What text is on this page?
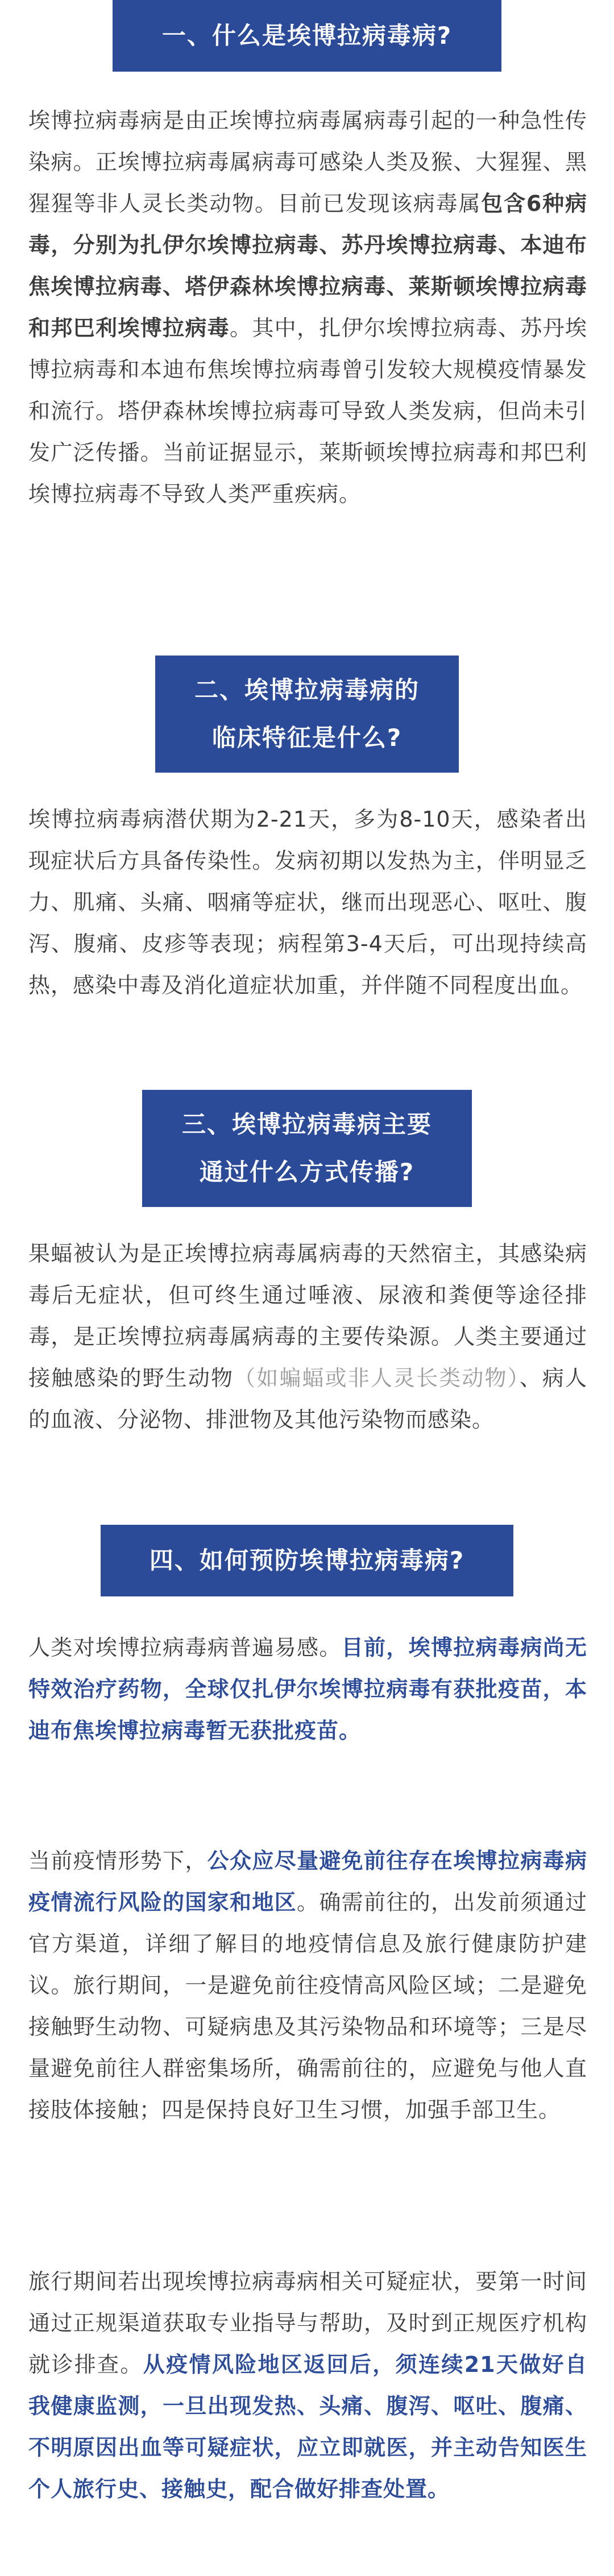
一、什么是埃博拉病毒病?

埃博拉病毒病是由正埃博拉病毒属病毒引起的一种急性传染病。正埃博拉病毒属病毒可感染人类及猴、大猩猩、黑猩猩等非人灵长类动物。目前已发现该病毒属包含6种病毒，分别为扎伊尔埃博拉病毒、苏丹埃博拉病毒、本迪布焦埃博拉病毒、塔伊森林埃博拉病毒、莱斯顿埃博拉病毒和邦巴利埃博拉病毒。其中，扎伊尔埃博拉病毒、苏丹埃博拉病毒和本迪布焦埃博拉病毒曾引发较大规模疫情暴发和流行。塔伊森林埃博拉病毒可导致人类发病，但尚未引发广泛传播。当前证据显示，莱斯顿埃博拉病毒和邦巴利埃博拉病毒不导致人类严重疾病。

二、埃博拉病毒病的
临床特征是什么?

埃博拉病毒病潜伏期为2-21天，多为8-10天，感染者出现症状后方具备传染性。发病初期以发热为主，伴明显乏力、肌痛、头痛、咽痛等症状，继而出现恶心、呕吐、腹泻、腹痛、皮疹等表现；病程第3-4天后，可出现持续高热，感染中毒及消化道症状加重，并伴随不同程度出血。

三、埃博拉病毒病主要
通过什么方式传播?

果蝠被认为是正埃博拉病毒属病毒的天然宿主，其感染病毒后无症状，但可终生通过唾液、尿液和粪便等途径排毒，是正埃博拉病毒属病毒的主要传染源。人类主要通过接触感染的野生动物（如蝙蝠或非人灵长类动物）、病人的血液、分泌物、排泄物及其他污染物而感染。

四、如何预防埃博拉病毒病?

人类对埃博拉病毒病普遍易感。目前，埃博拉病毒病尚无特效治疗药物，全球仅扎伊尔埃博拉病毒有获批疫苗，本迪布焦埃博拉病毒暂无获批疫苗。

当前疫情形势下，公众应尽量避免前往存在埃博拉病毒病疫情流行风险的国家和地区。确需前往的，出发前须通过官方渠道，详细了解目的地疫情信息及旅行健康防护建议。旅行期间，一是避免前往疫情高风险区域；二是避免接触野生动物、可疑病患及其污染物品和环境等；三是尽量避免前往人群密集场所，确需前往的，应避免与他人直接肢体接触；四是保持良好卫生习惯，加强手部卫生。

旅行期间若出现埃博拉病毒病相关可疑症状，要第一时间通过正规渠道获取专业指导与帮助，及时到正规医疗机构就诊排查。从疫情风险地区返回后，须连续21天做好自我健康监测，一旦出现发热、头痛、腹泻、呕吐、腹痛、不明原因出血等可疑症状，应立即就医，并主动告知医生个人旅行史、接触史，配合做好排查处置。
